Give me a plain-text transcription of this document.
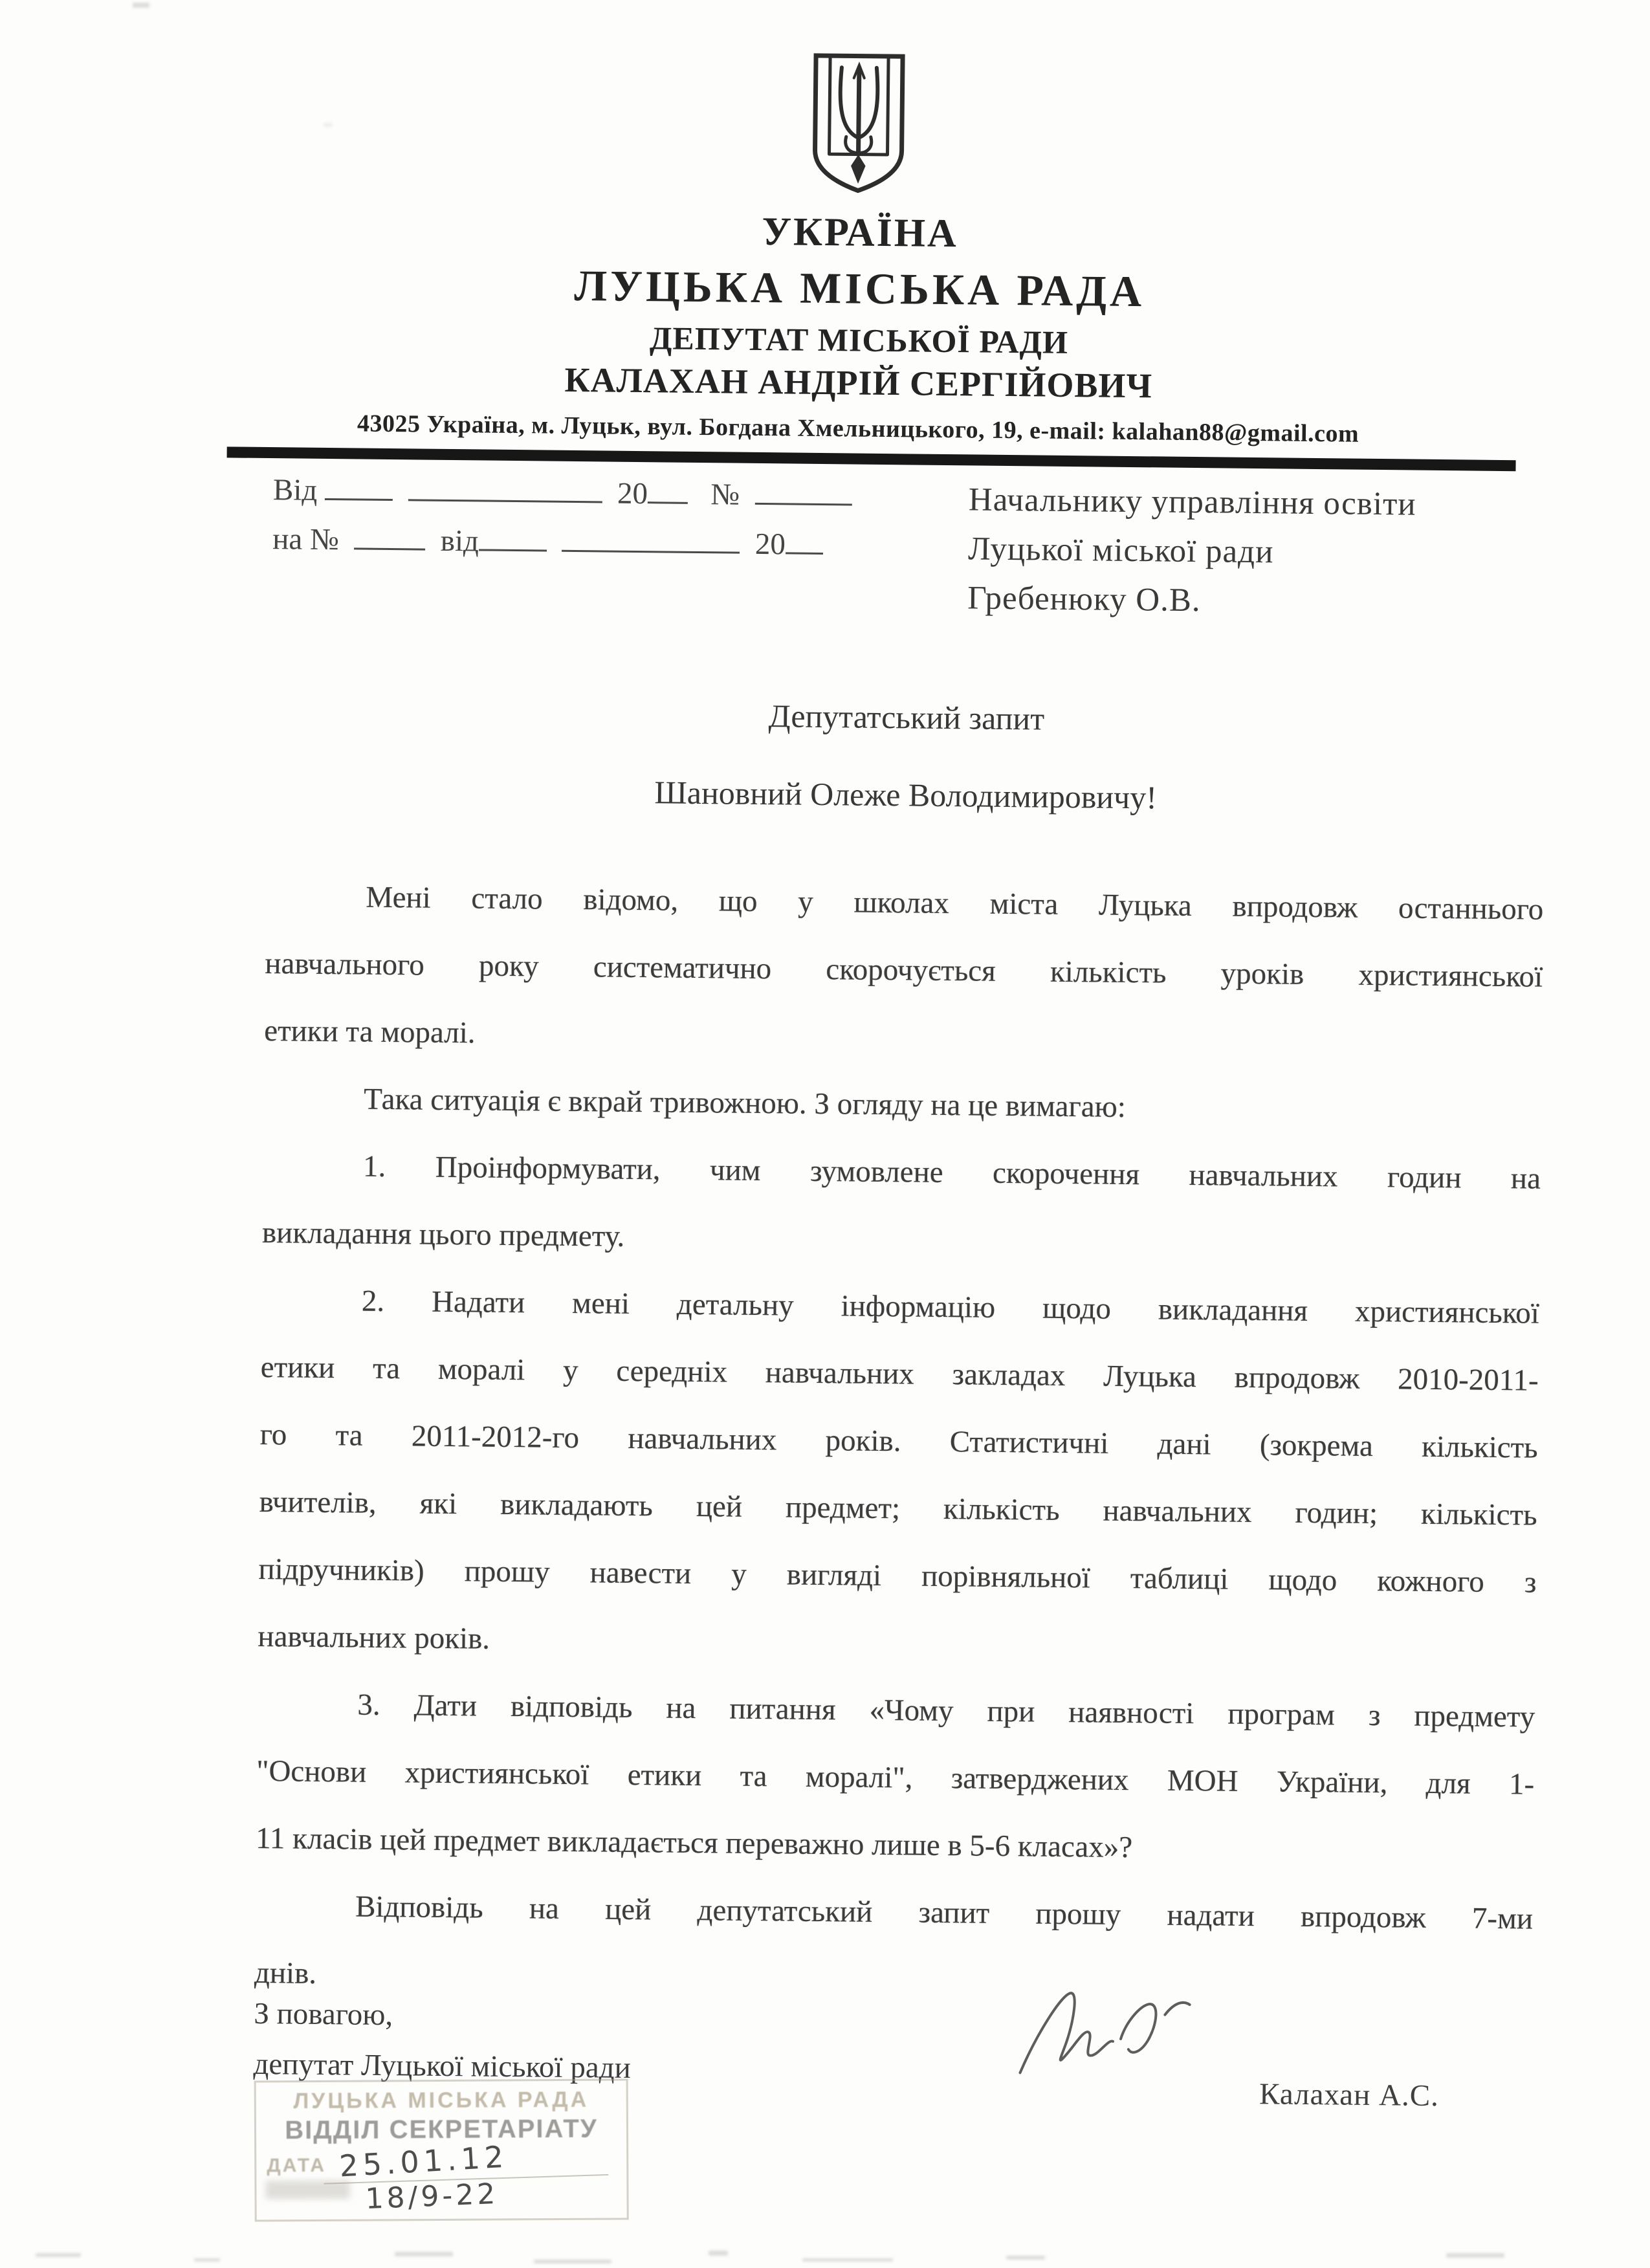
УКРАЇНА
ЛУЦЬКА МІСЬКА РАДА
ДЕПУТАТ МІСЬКОЇ РАДИ
КАЛАХАН АНДРІЙ СЕРГІЙОВИЧ
43025 Україна, м. Луцьк, вул. Богдана Хмельницького, 19, e-mail: kalahan88@gmail.com
Від	20 №
на №	від	20
Начальнику управління освіти
Луцької міської ради
Гребенюку О.В.
Депутатський запит
Шановний Олеже Володимировичу!
Мені стало відомо, що у школах міста Луцька впродовж останнього
навчального року систематично скорочується кількість уроків християнської
етики та моралі.
Така ситуація є вкрай тривожною. З огляду на це вимагаю:
1. Проінформувати, чим зумовлене скорочення навчальних годин на
викладання цього предмету.
2. Надати мені детальну інформацію щодо викладання християнської
етики та моралі у середніх навчальних закладах Луцька впродовж 2010-2011-
го та 2011-2012-го навчальних років. Статистичні дані (зокрема кількість
вчителів, які викладають цей предмет; кількість навчальних годин; кількість
підручників) прошу навести у вигляді порівняльної таблиці щодо кожного з
навчальних років.
3. Дати відповідь на питання «Чому при наявності програм з предмету
"Основи християнської етики та моралі", затверджених МОН України, для 1-
11 класів цей предмет викладається переважно лише в 5-6 класах»?
Відповідь на цей депутатський запит прошу надати впродовж 7-ми
днів.
З повагою,
депутат Луцької міської ради
Калахан А.С.
ЛУЦЬКА МІСЬКА РАДА
ВІДДІЛ СЕКРЕТАРІАТУ
ДАТА 25.01.12
18/9-22
